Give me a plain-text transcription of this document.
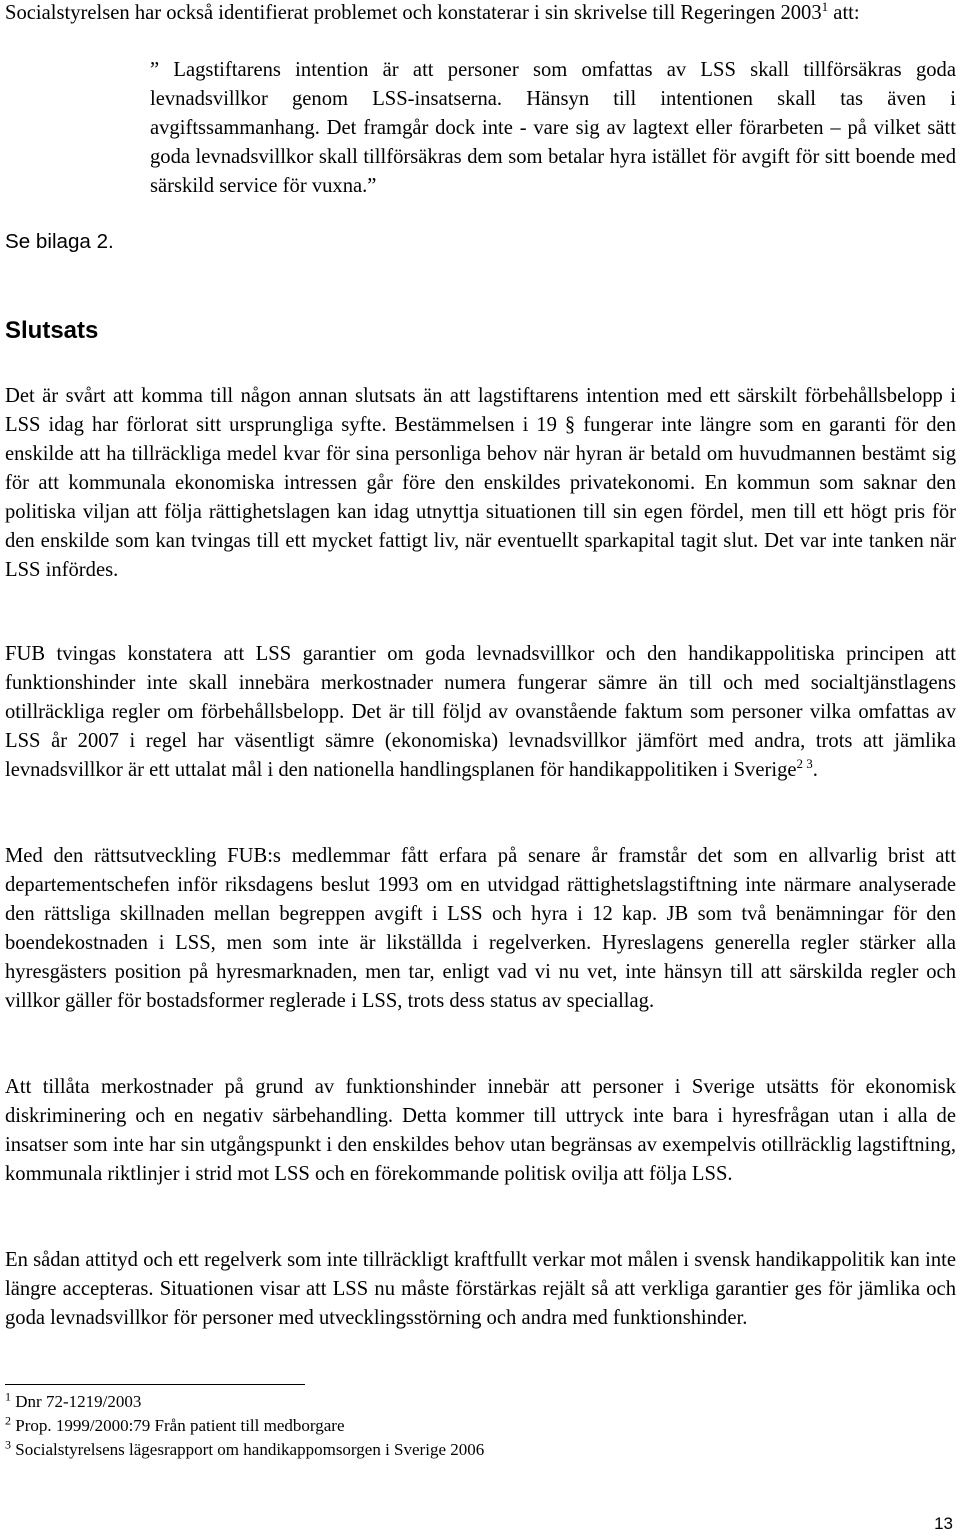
Socialstyrelsen har också identifierat problemet och konstaterar i sin skrivelse till Regeringen 2003$^1$ att:

” Lagstiftarens intention är att personer som omfattas av LSS skall tillförsäkras goda levnadsvillkor genom LSS-insatserna. Hänsyn till intentionen skall tas även i avgiftssammanhang. Det framgår dock inte - vare sig av lagtext eller förarbeten – på vilket sätt goda levnadsvillkor skall tillförsäkras dem som betalar hyra istället för avgift för sitt boende med särskild service för vuxna.”

Se bilaga 2.

Slutsats

Det är svårt att komma till någon annan slutsats än att lagstiftarens intention med ett särskilt förbehållsbelopp i LSS idag har förlorat sitt ursprungliga syfte. Bestämmelsen i 19 § fungerar inte längre som en garanti för den enskilde att ha tillräckliga medel kvar för sina personliga behov när hyran är betald om huvudmannen bestämt sig för att kommunala ekonomiska intressen går före den enskildes privatekonomi. En kommun som saknar den politiska viljan att följa rättighetslagen kan idag utnyttja situationen till sin egen fördel, men till ett högt pris för den enskilde som kan tvingas till ett mycket fattigt liv, när eventuellt sparkapital tagit slut. Det var inte tanken när LSS infördes.

FUB tvingas konstatera att LSS garantier om goda levnadsvillkor och den handikappolitiska principen att funktionshinder inte skall innebära merkostnader numera fungerar sämre än till och med socialtjänstlagens otillräckliga regler om förbehållsbelopp. Det är till följd av ovanstående faktum som personer vilka omfattas av LSS år 2007 i regel har väsentligt sämre (ekonomiska) levnadsvillkor jämfört med andra, trots att jämlika levnadsvillkor är ett uttalat mål i den nationella handlingsplanen för handikappolitiken i Sverige$^{2 3}$.

Med den rättsutveckling FUB:s medlemmar fått erfara på senare år framstår det som en allvarlig brist att departementschefen inför riksdagens beslut 1993 om en utvidgad rättighetslagstiftning inte närmare analyserade den rättsliga skillnaden mellan begreppen avgift i LSS och hyra i 12 kap. JB som två benämningar för den boendekostnaden i LSS, men som inte är likställda i regelverken. Hyreslagens generella regler stärker alla hyresgästers position på hyresmarknaden, men tar, enligt vad vi nu vet, inte hänsyn till att särskilda regler och villkor gäller för bostadsformer reglerade i LSS, trots dess status av speciallag.

Att tillåta merkostnader på grund av funktionshinder innebär att personer i Sverige utsätts för ekonomisk diskriminering och en negativ särbehandling. Detta kommer till uttryck inte bara i hyresfrågan utan i alla de insatser som inte har sin utgångspunkt i den enskildes behov utan begränsas av exempelvis otillräcklig lagstiftning, kommunala riktlinjer i strid mot LSS och en förekommande politisk ovilja att följa LSS.

En sådan attityd och ett regelverk som inte tillräckligt kraftfullt verkar mot målen i svensk handikappolitik kan inte längre accepteras. Situationen visar att LSS nu måste förstärkas rejält så att verkliga garantier ges för jämlika och goda levnadsvillkor för personer med utvecklingsstörning och andra med funktionshinder.

$^1$ Dnr 72-1219/2003
$^2$ Prop. 1999/2000:79 Från patient till medborgare
$^3$ Socialstyrelsens lägesrapport om handikappomsorgen i Sverige 2006
13
